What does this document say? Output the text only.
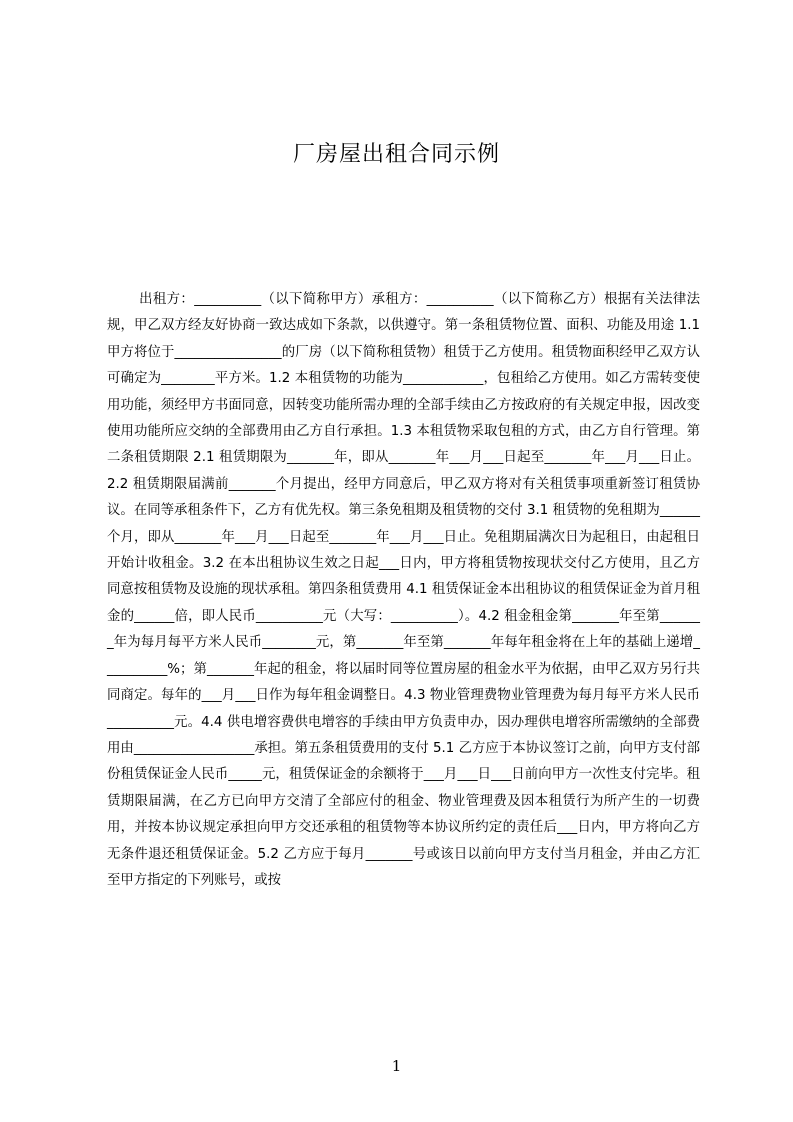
厂房屋出租合同示例

出租方：__________（以下简称甲方）承租方：__________（以下简称乙方）根据有关法律法规，甲乙双方经友好协商一致达成如下条款，以供遵守。第一条租赁物位置、面积、功能及用途 1.1 甲方将位于________________的厂房（以下简称租赁物）租赁于乙方使用。租赁物面积经甲乙双方认可确定为________平方米。1.2 本租赁物的功能为____________，包租给乙方使用。如乙方需转变使用功能，须经甲方书面同意，因转变功能所需办理的全部手续由乙方按政府的有关规定申报，因改变使用功能所应交纳的全部费用由乙方自行承担。1.3 本租赁物采取包租的方式，由乙方自行管理。第二条租赁期限 2.1 租赁期限为_______年，即从_______年___月___日起至_______年___月___日止。2.2 租赁期限届满前_______个月提出，经甲方同意后，甲乙双方将对有关租赁事项重新签订租赁协议。在同等承租条件下，乙方有优先权。第三条免租期及租赁物的交付 3.1 租赁物的免租期为______个月，即从_______年___月___日起至_______年___月___日止。免租期届满次日为起租日，由起租日开始计收租金。3.2 在本出租协议生效之日起___日内，甲方将租赁物按现状交付乙方使用，且乙方同意按租赁物及设施的现状承租。第四条租赁费用 4.1 租赁保证金本出租协议的租赁保证金为首月租金的______倍，即人民币__________元（大写：__________）。4.2 租金租金第_______年至第_______年为每月每平方米人民币________元，第_______年至第_______年每年租金将在上年的基础上递增__________%；第_______年起的租金，将以届时同等位置房屋的租金水平为依据，由甲乙双方另行共同商定。每年的___月___日作为每年租金调整日。4.3 物业管理费物业管理费为每月每平方米人民币__________元。4.4 供电增容费供电增容的手续由甲方负责申办，因办理供电增容所需缴纳的全部费用由__________________承担。第五条租赁费用的支付 5.1 乙方应于本协议签订之前，向甲方支付部份租赁保证金人民币_____元，租赁保证金的余额将于___月___日___日前向甲方一次性支付完毕。租赁期限届满，在乙方已向甲方交清了全部应付的租金、物业管理费及因本租赁行为所产生的一切费用，并按本协议规定承担向甲方交还承租的租赁物等本协议所约定的责任后___日内，甲方将向乙方无条件退还租赁保证金。5.2 乙方应于每月_______号或该日以前向甲方支付当月租金，并由乙方汇至甲方指定的下列账号，或按

1
